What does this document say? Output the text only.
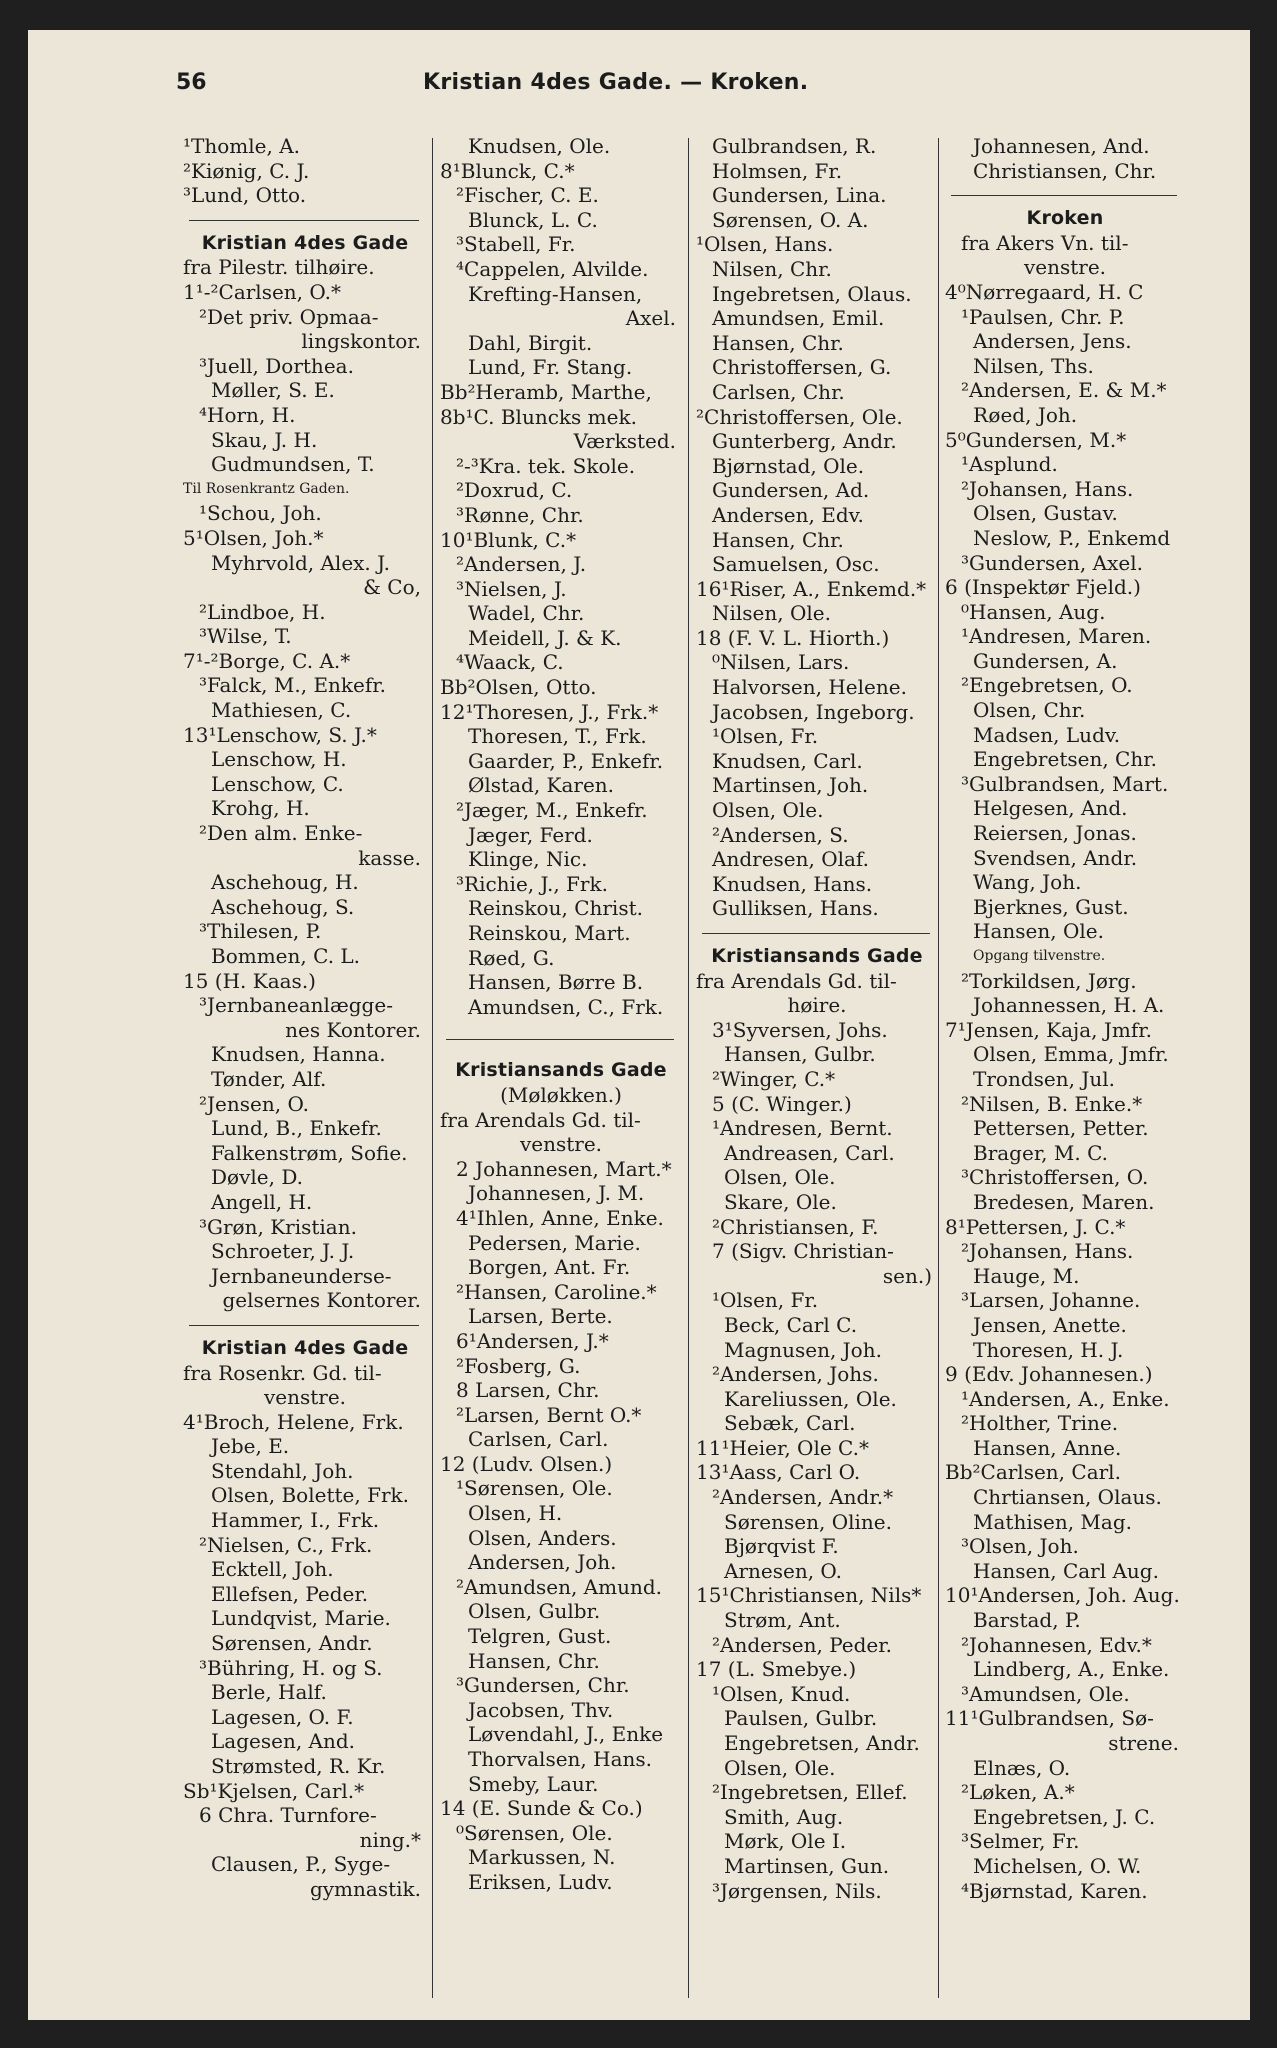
56	Kristian 4des Gade. — Kroken.
¹Thomle, A.
²Kiønig, C. J.
³Lund, Otto.
Kristian 4des Gade
fra Pilestr. tilhøire.
1¹-²Carlsen, O.*
²Det priv. Opmaa-
lingskontor.
³Juell, Dorthea.
Møller, S. E.
⁴Horn, H.
Skau, J. H.
Gudmundsen, T.
Til Rosenkrantz Gaden.
¹Schou, Joh.
5¹Olsen, Joh.*
Myhrvold, Alex. J.
& Co,
²Lindboe, H.
³Wilse, T.
7¹-²Borge, C. A.*
³Falck, M., Enkefr.
Mathiesen, C.
13¹Lenschow, S. J.*
Lenschow, H.
Lenschow, C.
Krohg, H.
²Den alm. Enke-
kasse.
Aschehoug, H.
Aschehoug, S.
³Thilesen, P.
Bommen, C. L.
15 (H. Kaas.)
³Jernbaneanlægge-
nes Kontorer.
Knudsen, Hanna.
Tønder, Alf.
²Jensen, O.
Lund, B., Enkefr.
Falkenstrøm, Sofie.
Døvle, D.
Angell, H.
³Grøn, Kristian.
Schroeter, J. J.
Jernbaneunderse-
gelsernes Kontorer.
Kristian 4des Gade
fra Rosenkr. Gd. til-
venstre.
4¹Broch, Helene, Frk.
Jebe, E.
Stendahl, Joh.
Olsen, Bolette, Frk.
Hammer, I., Frk.
²Nielsen, C., Frk.
Ecktell, Joh.
Ellefsen, Peder.
Lundqvist, Marie.
Sørensen, Andr.
³Bühring, H. og S.
Berle, Half.
Lagesen, O. F.
Lagesen, And.
Strømsted, R. Kr.
Sb¹Kjelsen, Carl.*
6 Chra. Turnfore-
ning.*
Clausen, P., Syge-
gymnastik.
Knudsen, Ole.
8¹Blunck, C.*
²Fischer, C. E.
Blunck, L. C.
³Stabell, Fr.
⁴Cappelen, Alvilde.
Krefting-Hansen,
Axel.
Dahl, Birgit.
Lund, Fr. Stang.
Bb²Heramb, Marthe,
8b¹C. Bluncks mek.
Værksted.
²-³Kra. tek. Skole.
²Doxrud, C.
³Rønne, Chr.
10¹Blunk, C.*
²Andersen, J.
³Nielsen, J.
Wadel, Chr.
Meidell, J. & K.
⁴Waack, C.
Bb²Olsen, Otto.
12¹Thoresen, J., Frk.*
Thoresen, T., Frk.
Gaarder, P., Enkefr.
Ølstad, Karen.
²Jæger, M., Enkefr.
Jæger, Ferd.
Klinge, Nic.
³Richie, J., Frk.
Reinskou, Christ.
Reinskou, Mart.
Røed, G.
Hansen, Børre B.
Amundsen, C., Frk.
Kristiansands Gade
(Møløkken.)
fra Arendals Gd. til-
venstre.
2 Johannesen, Mart.*
Johannesen, J. M.
4¹Ihlen, Anne, Enke.
Pedersen, Marie.
Borgen, Ant. Fr.
²Hansen, Caroline.*
Larsen, Berte.
6¹Andersen, J.*
²Fosberg, G.
8 Larsen, Chr.
²Larsen, Bernt O.*
Carlsen, Carl.
12 (Ludv. Olsen.)
¹Sørensen, Ole.
Olsen, H.
Olsen, Anders.
Andersen, Joh.
²Amundsen, Amund.
Olsen, Gulbr.
Telgren, Gust.
Hansen, Chr.
³Gundersen, Chr.
Jacobsen, Thv.
Løvendahl, J., Enke
Thorvalsen, Hans.
Smeby, Laur.
14 (E. Sunde & Co.)
⁰Sørensen, Ole.
Markussen, N.
Eriksen, Ludv.
Gulbrandsen, R.
Holmsen, Fr.
Gundersen, Lina.
Sørensen, O. A.
¹Olsen, Hans.
Nilsen, Chr.
Ingebretsen, Olaus.
Amundsen, Emil.
Hansen, Chr.
Christoffersen, G.
Carlsen, Chr.
²Christoffersen, Ole.
Gunterberg, Andr.
Bjørnstad, Ole.
Gundersen, Ad.
Andersen, Edv.
Hansen, Chr.
Samuelsen, Osc.
16¹Riser, A., Enkemd.*
Nilsen, Ole.
18 (F. V. L. Hiorth.)
⁰Nilsen, Lars.
Halvorsen, Helene.
Jacobsen, Ingeborg.
¹Olsen, Fr.
Knudsen, Carl.
Martinsen, Joh.
Olsen, Ole.
²Andersen, S.
Andresen, Olaf.
Knudsen, Hans.
Gulliksen, Hans.
Kristiansands Gade
fra Arendals Gd. til-
høire.
3¹Syversen, Johs.
Hansen, Gulbr.
²Winger, C.*
5 (C. Winger.)
¹Andresen, Bernt.
Andreasen, Carl.
Olsen, Ole.
Skare, Ole.
²Christiansen, F.
7 (Sigv. Christian-
sen.)
¹Olsen, Fr.
Beck, Carl C.
Magnusen, Joh.
²Andersen, Johs.
Kareliussen, Ole.
Sebæk, Carl.
11¹Heier, Ole C.*
13¹Aass, Carl O.
²Andersen, Andr.*
Sørensen, Oline.
Bjørqvist F.
Arnesen, O.
15¹Christiansen, Nils*
Strøm, Ant.
²Andersen, Peder.
17 (L. Smebye.)
¹Olsen, Knud.
Paulsen, Gulbr.
Engebretsen, Andr.
Olsen, Ole.
²Ingebretsen, Ellef.
Smith, Aug.
Mørk, Ole I.
Martinsen, Gun.
³Jørgensen, Nils.
Johannesen, And.
Christiansen, Chr.
Kroken
fra Akers Vn. til-
venstre.
4⁰Nørregaard, H. C
¹Paulsen, Chr. P.
Andersen, Jens.
Nilsen, Ths.
²Andersen, E. & M.*
Røed, Joh.
5⁰Gundersen, M.*
¹Asplund.
²Johansen, Hans.
Olsen, Gustav.
Neslow, P., Enkemd
³Gundersen, Axel.
6 (Inspektør Fjeld.)
⁰Hansen, Aug.
¹Andresen, Maren.
Gundersen, A.
²Engebretsen, O.
Olsen, Chr.
Madsen, Ludv.
Engebretsen, Chr.
³Gulbrandsen, Mart.
Helgesen, And.
Reiersen, Jonas.
Svendsen, Andr.
Wang, Joh.
Bjerknes, Gust.
Hansen, Ole.
Opgang tilvenstre.
²Torkildsen, Jørg.
Johannessen, H. A.
7¹Jensen, Kaja, Jmfr.
Olsen, Emma, Jmfr.
Trondsen, Jul.
²Nilsen, B. Enke.*
Pettersen, Petter.
Brager, M. C.
³Christoffersen, O.
Bredesen, Maren.
8¹Pettersen, J. C.*
²Johansen, Hans.
Hauge, M.
³Larsen, Johanne.
Jensen, Anette.
Thoresen, H. J.
9 (Edv. Johannesen.)
¹Andersen, A., Enke.
²Holther, Trine.
Hansen, Anne.
Bb²Carlsen, Carl.
Chrtiansen, Olaus.
Mathisen, Mag.
³Olsen, Joh.
Hansen, Carl Aug.
10¹Andersen, Joh. Aug.
Barstad, P.
²Johannesen, Edv.*
Lindberg, A., Enke.
³Amundsen, Ole.
11¹Gulbrandsen, Sø-
strene.
Elnæs, O.
²Løken, A.*
Engebretsen, J. C.
³Selmer, Fr.
Michelsen, O. W.
⁴Bjørnstad, Karen.
